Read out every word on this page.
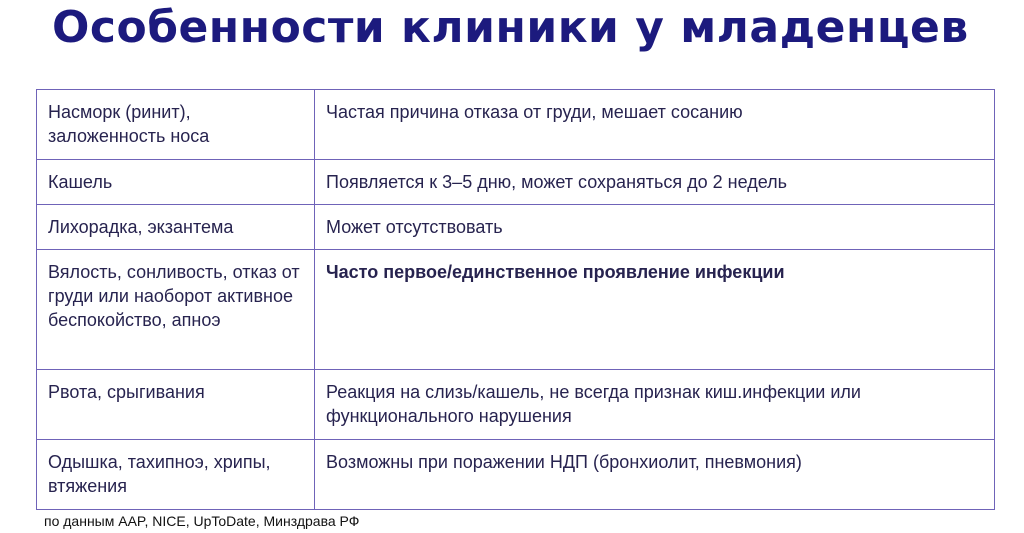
Особенности клиники у младенцев
Насморк (ринит), заложенность носа	Частая причина отказа от груди, мешает сосанию
Кашель	Появляется к 3–5 дню, может сохраняться до 2 недель
Лихорадка, экзантема	Может отсутствовать
Вялость, сонливость, отказ от груди или наоборот активное беспокойство, апноэ	Часто первое/единственное проявление инфекции
Рвота, срыгивания	Реакция на слизь/кашель, не всегда признак киш.инфекции или функционального нарушения
Одышка, тахипноэ, хрипы, втяжения	Возможны при поражении НДП (бронхиолит, пневмония)

по данным AAP, NICE, UpToDate, Минздрава РФ
